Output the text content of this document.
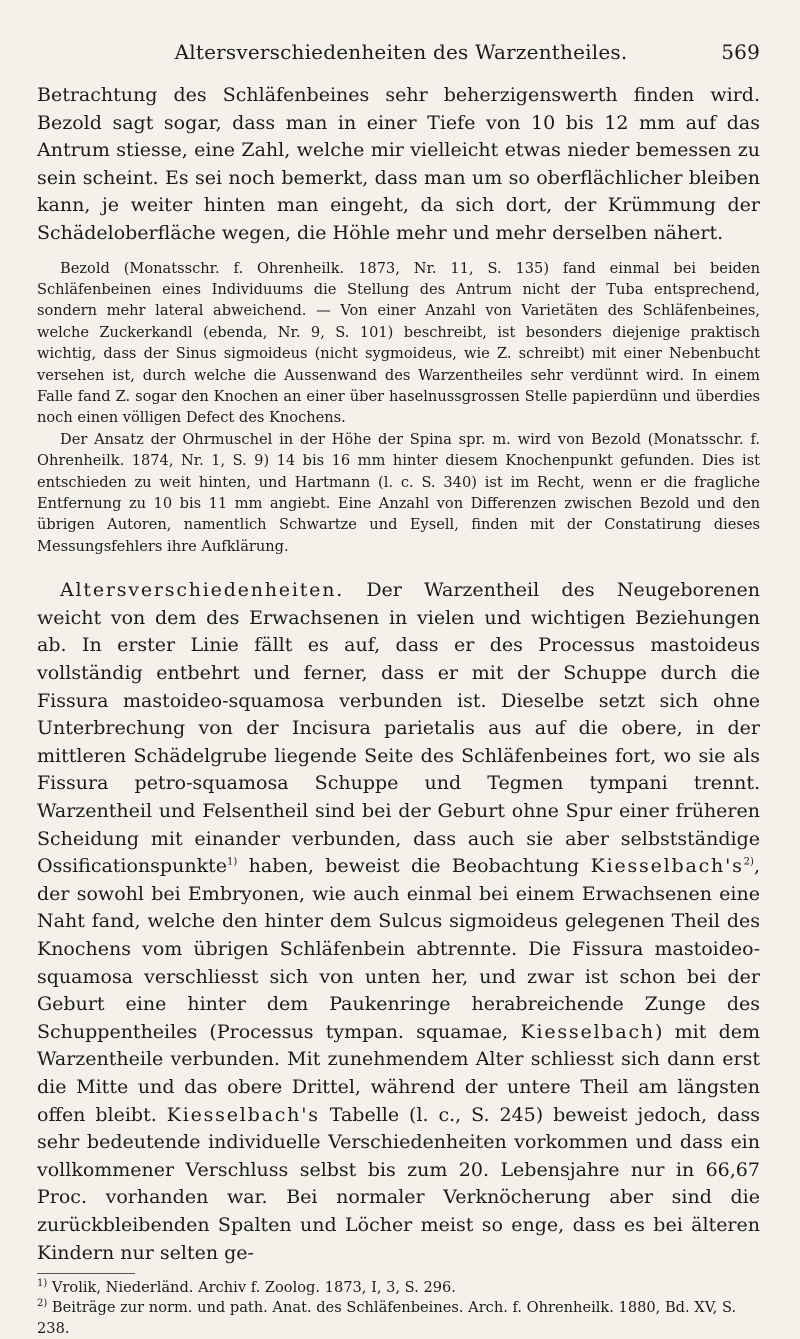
Altersverschiedenheiten des Warzentheiles.	569

Betrachtung des Schläfenbeines sehr beherzigenswerth finden wird. Bezold sagt sogar, dass man in einer Tiefe von 10 bis 12 mm auf das Antrum stiesse, eine Zahl, welche mir vielleicht etwas nieder bemessen zu sein scheint. Es sei noch bemerkt, dass man um so oberflächlicher bleiben kann, je weiter hinten man eingeht, da sich dort, der Krümmung der Schädeloberfläche wegen, die Höhle mehr und mehr derselben nähert.

Bezold (Monatsschr. f. Ohrenheilk. 1873, Nr. 11, S. 135) fand einmal bei beiden Schläfenbeinen eines Individuums die Stellung des Antrum nicht der Tuba entsprechend, sondern mehr lateral abweichend. — Von einer Anzahl von Varietäten des Schläfenbeines, welche Zuckerkandl (ebenda, Nr. 9, S. 101) beschreibt, ist besonders diejenige praktisch wichtig, dass der Sinus sigmoideus (nicht sygmoideus, wie Z. schreibt) mit einer Nebenbucht versehen ist, durch welche die Aussenwand des Warzentheiles sehr verdünnt wird. In einem Falle fand Z. sogar den Knochen an einer über haselnussgrossen Stelle papierdünn und überdies noch einen völligen Defect des Knochens.

Der Ansatz der Ohrmuschel in der Höhe der Spina spr. m. wird von Bezold (Monatsschr. f. Ohrenheilk. 1874, Nr. 1, S. 9) 14 bis 16 mm hinter diesem Knochenpunkt gefunden. Dies ist entschieden zu weit hinten, und Hartmann (l. c. S. 340) ist im Recht, wenn er die fragliche Entfernung zu 10 bis 11 mm angiebt. Eine Anzahl von Differenzen zwischen Bezold und den übrigen Autoren, namentlich Schwartze und Eysell, finden mit der Constatirung dieses Messungsfehlers ihre Aufklärung.

Altersverschiedenheiten. Der Warzentheil des Neugeborenen weicht von dem des Erwachsenen in vielen und wichtigen Beziehungen ab. In erster Linie fällt es auf, dass er des Processus mastoideus vollständig entbehrt und ferner, dass er mit der Schuppe durch die Fissura mastoideo-squamosa verbunden ist. Dieselbe setzt sich ohne Unterbrechung von der Incisura parietalis aus auf die obere, in der mittleren Schädelgrube liegende Seite des Schläfenbeines fort, wo sie als Fissura petro-squamosa Schuppe und Tegmen tympani trennt. Warzentheil und Felsentheil sind bei der Geburt ohne Spur einer früheren Scheidung mit einander verbunden, dass auch sie aber selbstständige Ossificationspunkte$^{1)}$ haben, beweist die Beobachtung $Kiesselbach's^{2)}$, der sowohl bei Embryonen, wie auch einmal bei einem Erwachsenen eine Naht fand, welche den hinter dem Sulcus sigmoideus gelegenen Theil des Knochens vom übrigen Schläfenbein abtrennte. Die Fissura mastoideo-squamosa verschliesst sich von unten her, und zwar ist schon bei der Geburt eine hinter dem Paukenringe herabreichende Zunge des Schuppentheiles (Processus tympan. squamae, Kiesselbach) mit dem Warzentheile verbunden. Mit zunehmendem Alter schliesst sich dann erst die Mitte und das obere Drittel, während der untere Theil am längsten offen bleibt. Kiesselbach's Tabelle (l. c., S. 245) beweist jedoch, dass sehr bedeutende individuelle Verschiedenheiten vorkommen und dass ein vollkommener Verschluss selbst bis zum 20. Lebensjahre nur in 66,67 Proc. vorhanden war. Bei normaler Verknöcherung aber sind die zurückbleibenden Spalten und Löcher meist so enge, dass es bei älteren Kindern nur selten ge-

$^{1)}$ Vrolik, Niederländ. Archiv f. Zoolog. 1873, I, 3, S. 296.

$^{2)}$ Beiträge zur norm. und path. Anat. des Schläfenbeines. Arch. f. Ohrenheilk. 1880, Bd. XV, S. 238.
